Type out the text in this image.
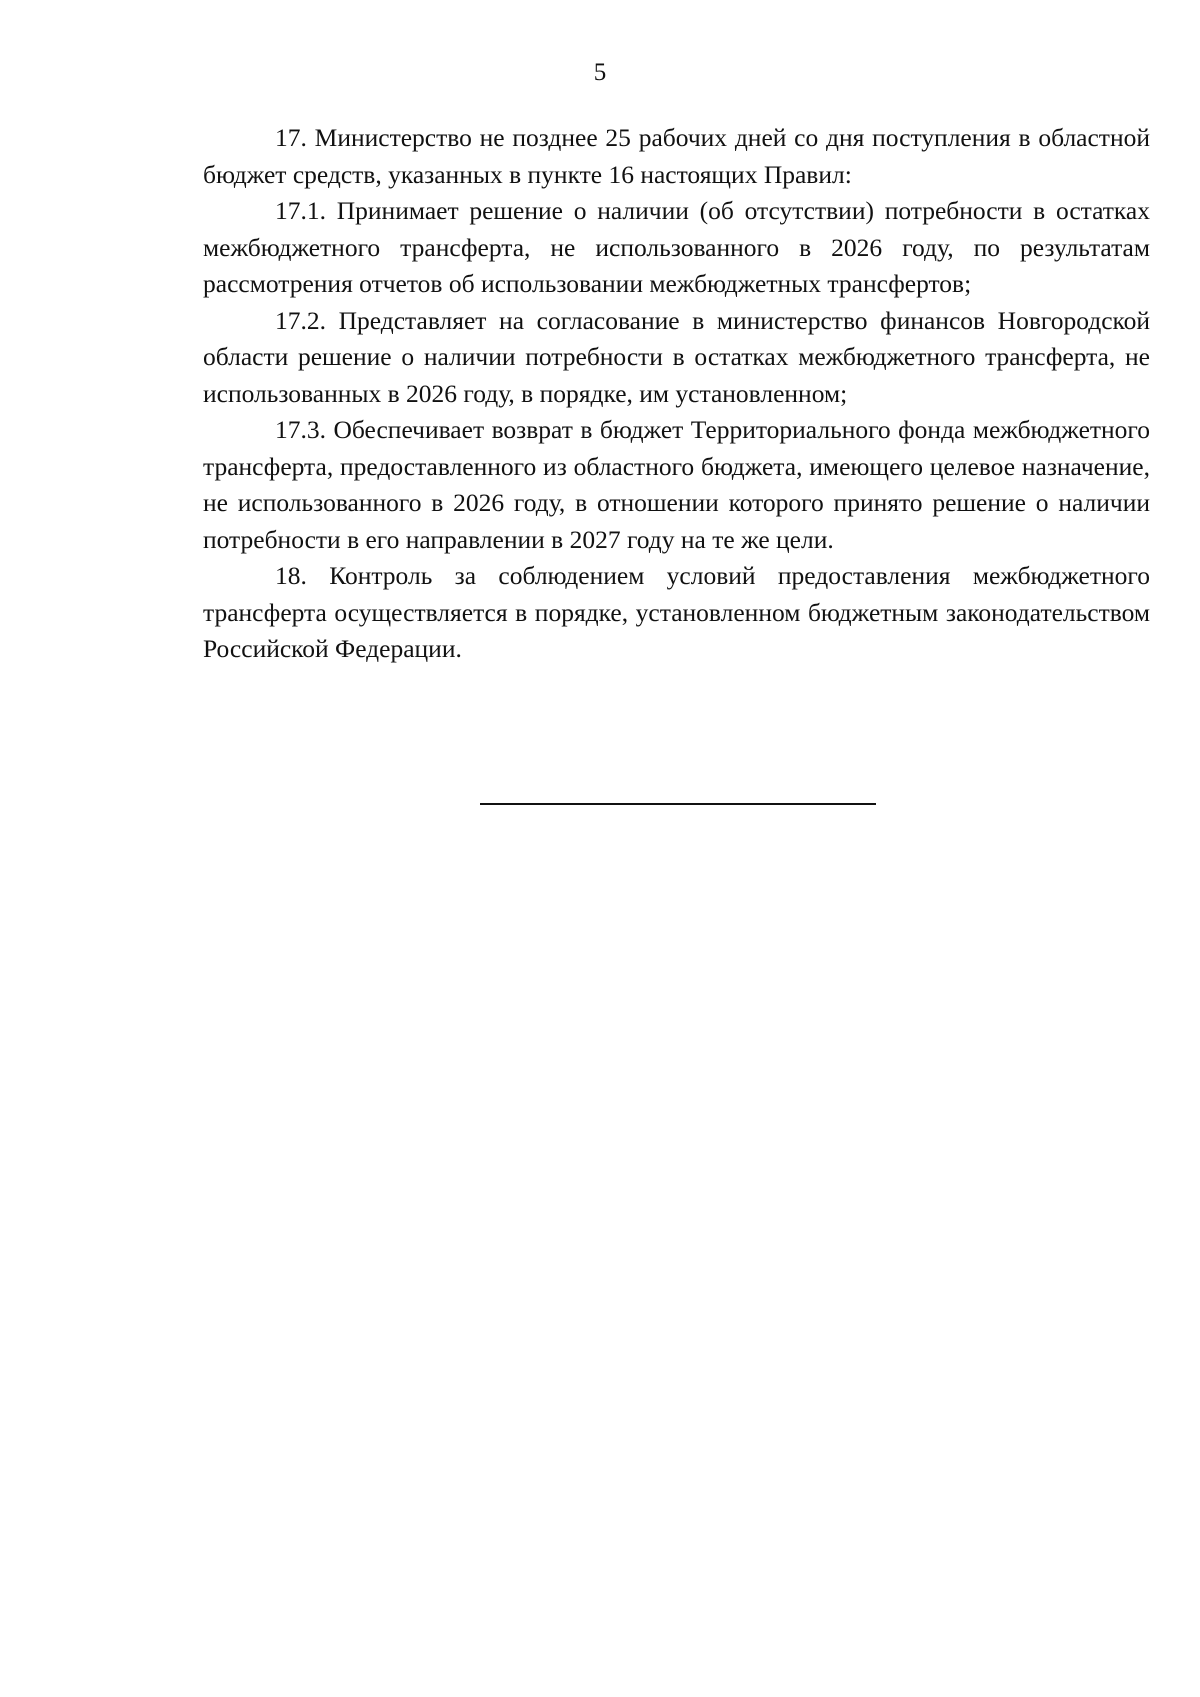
5

17. Министерство не позднее 25 рабочих дней со дня поступления в областной бюджет средств, указанных в пункте 16 настоящих Правил:

17.1. Принимает решение о наличии (об отсутствии) потребности в остатках межбюджетного трансферта, не использованного в 2026 году, по результатам рассмотрения отчетов об использовании межбюджетных трансфертов;

17.2. Представляет на согласование в министерство финансов Новгородской области решение о наличии потребности в остатках межбюджетного трансферта, не использованных в 2026 году, в порядке, им установленном;

17.3. Обеспечивает возврат в бюджет Территориального фонда межбюджетного трансферта, предоставленного из областного бюджета, имеющего целевое назначение, не использованного в 2026 году, в отношении которого принято решение о наличии потребности в его направлении в 2027 году на те же цели.

18. Контроль за соблюдением условий предоставления межбюджетного трансферта осуществляется в порядке, установленном бюджетным законодательством Российской Федерации.
